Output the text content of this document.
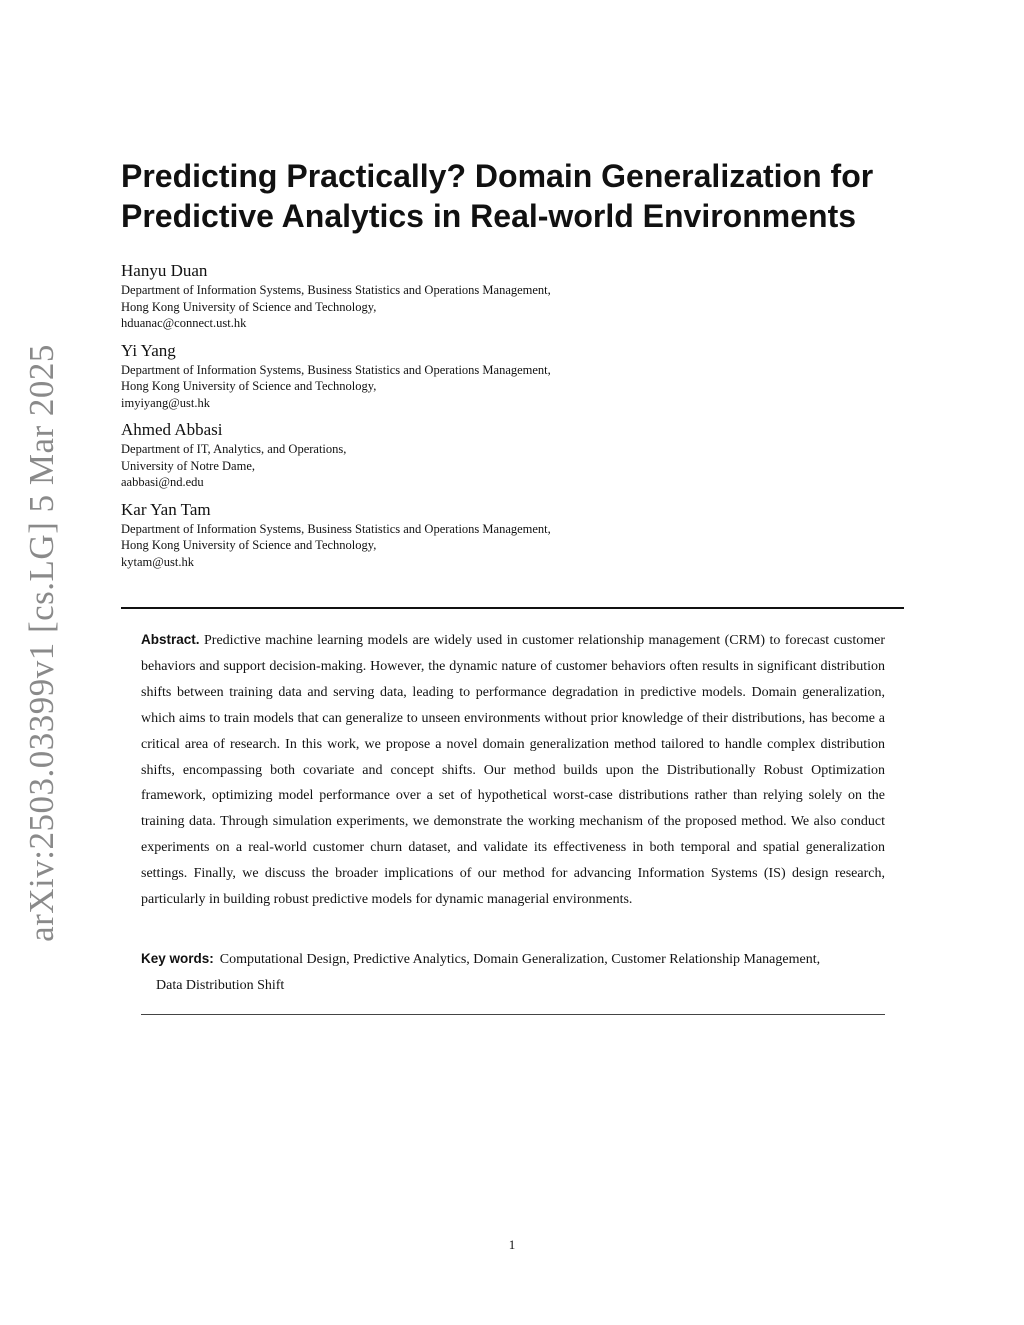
arXiv:2503.03399v1 [cs.LG] 5 Mar 2025
Predicting Practically? Domain Generalization for
Predictive Analytics in Real-world Environments
Hanyu Duan
Department of Information Systems, Business Statistics and Operations Management,
Hong Kong University of Science and Technology,
hduanac@connect.ust.hk
Yi Yang
Department of Information Systems, Business Statistics and Operations Management,
Hong Kong University of Science and Technology,
imyiyang@ust.hk
Ahmed Abbasi
Department of IT, Analytics, and Operations,
University of Notre Dame,
aabbasi@nd.edu
Kar Yan Tam
Department of Information Systems, Business Statistics and Operations Management,
Hong Kong University of Science and Technology,
kytam@ust.hk

Abstract. Predictive machine learning models are widely used in customer relationship management (CRM) to forecast customer behaviors and support decision-making. However, the dynamic nature of customer behaviors often results in significant distribution shifts between training data and serving data, leading to performance degradation in predictive models. Domain generalization, which aims to train models that can generalize to unseen environments without prior knowledge of their distributions, has become a critical area of research. In this work, we propose a novel domain generalization method tailored to handle complex distribution shifts, encompassing both covariate and concept shifts. Our method builds upon the Distributionally Robust Optimization framework, optimizing model performance over a set of hypothetical worst-case distributions rather than relying solely on the training data. Through simulation experiments, we demonstrate the working mechanism of the proposed method. We also conduct experiments on a real-world customer churn dataset, and validate its effectiveness in both temporal and spatial generalization settings. Finally, we discuss the broader implications of our method for advancing Information Systems (IS) design research, particularly in building robust predictive models for dynamic managerial environments.

Key words: Computational Design, Predictive Analytics, Domain Generalization, Customer Relationship Management,
Data Distribution Shift

1
